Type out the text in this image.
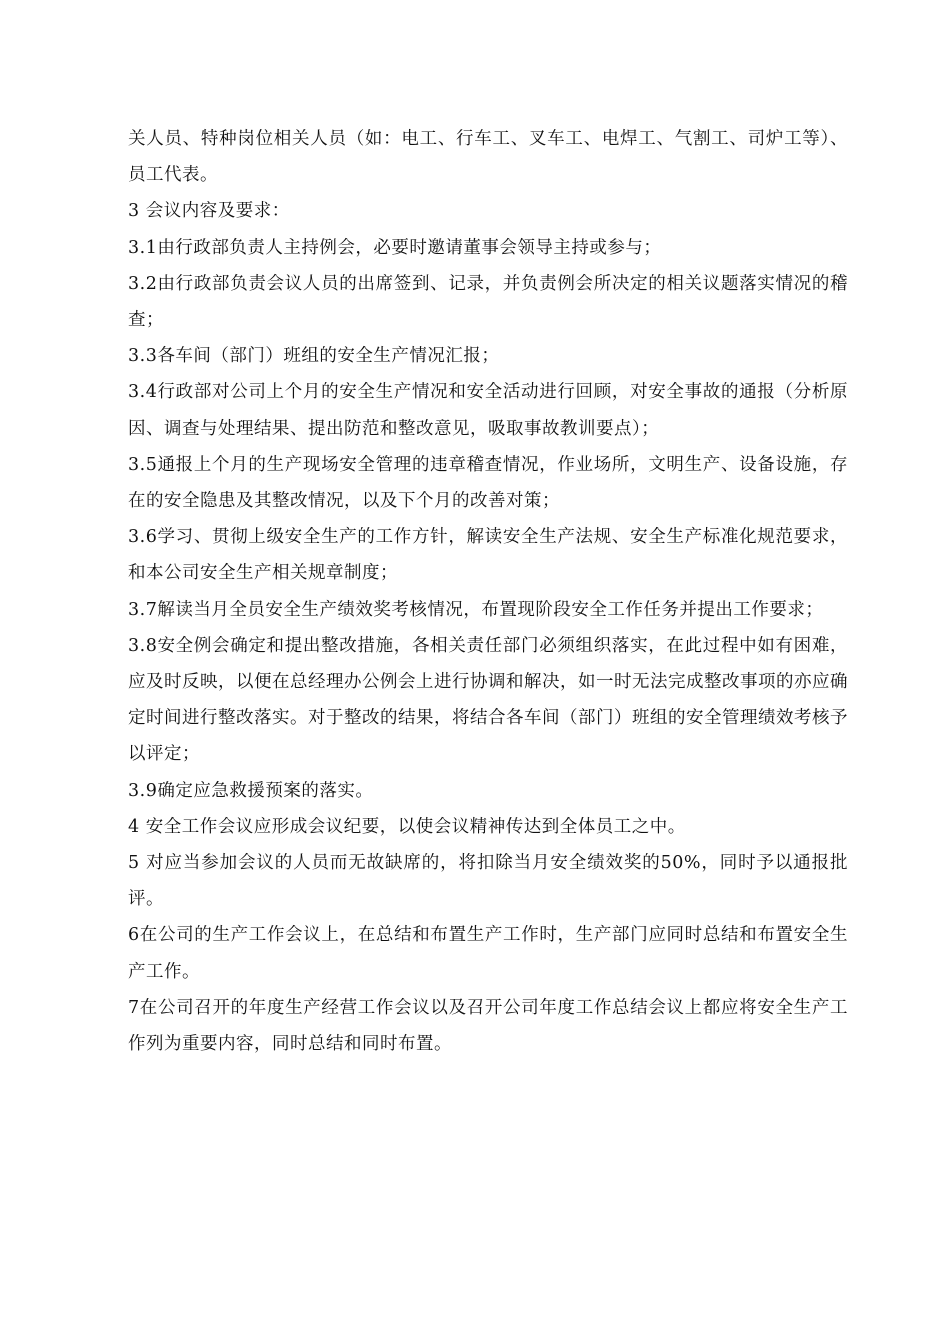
关人员、特种岗位相关人员（如：电工、行车工、叉车工、电焊工、气割工、司炉工等）、员工代表。

3 会议内容及要求：

3.1由行政部负责人主持例会，必要时邀请董事会领导主持或参与；

3.2由行政部负责会议人员的出席签到、记录，并负责例会所决定的相关议题落实情况的稽查；

3.3各车间（部门）班组的安全生产情况汇报；

3.4行政部对公司上个月的安全生产情况和安全活动进行回顾，对安全事故的通报（分析原因、调查与处理结果、提出防范和整改意见，吸取事故教训要点）；

3.5通报上个月的生产现场安全管理的违章稽查情况，作业场所，文明生产、设备设施，存在的安全隐患及其整改情况，以及下个月的改善对策；

3.6学习、贯彻上级安全生产的工作方针，解读安全生产法规、安全生产标准化规范要求，和本公司安全生产相关规章制度；

3.7解读当月全员安全生产绩效奖考核情况，布置现阶段安全工作任务并提出工作要求；

3.8安全例会确定和提出整改措施，各相关责任部门必须组织落实，在此过程中如有困难，应及时反映，以便在总经理办公例会上进行协调和解决，如一时无法完成整改事项的亦应确定时间进行整改落实。对于整改的结果，将结合各车间（部门）班组的安全管理绩效考核予以评定；

3.9确定应急救援预案的落实。

4 安全工作会议应形成会议纪要，以使会议精神传达到全体员工之中。

5 对应当参加会议的人员而无故缺席的，将扣除当月安全绩效奖的50%，同时予以通报批评。

6在公司的生产工作会议上，在总结和布置生产工作时，生产部门应同时总结和布置安全生产工作。

7在公司召开的年度生产经营工作会议以及召开公司年度工作总结会议上都应将安全生产工作列为重要内容，同时总结和同时布置。
